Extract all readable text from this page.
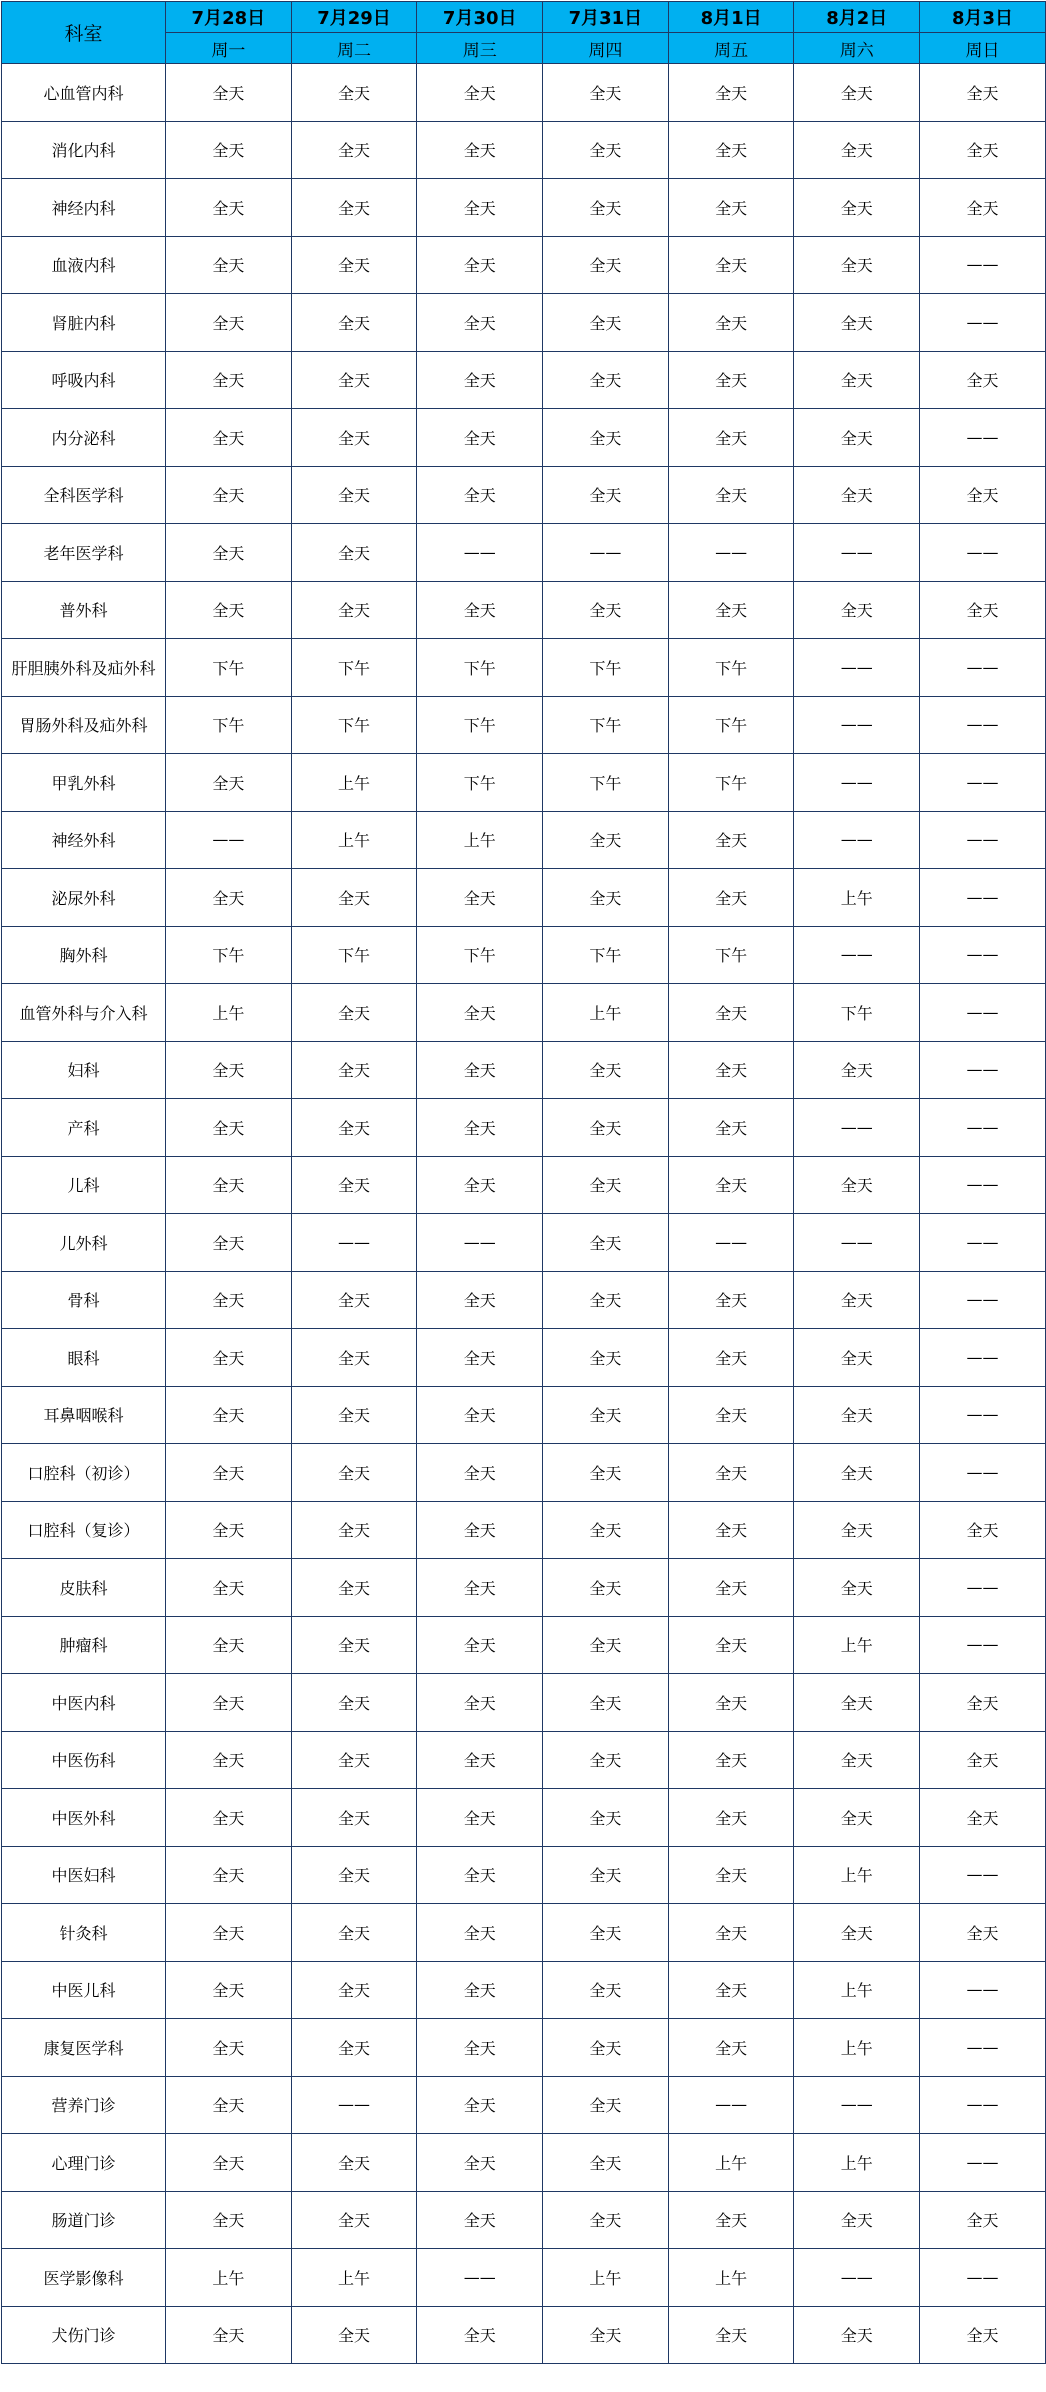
科室	7月28日	7月29日	7月30日	7月31日	8月1日	8月2日	8月3日
	周一	周二	周三	周四	周五	周六	周日
心血管内科	全天	全天	全天	全天	全天	全天	全天
消化内科	全天	全天	全天	全天	全天	全天	全天
神经内科	全天	全天	全天	全天	全天	全天	全天
血液内科	全天	全天	全天	全天	全天	全天	——
肾脏内科	全天	全天	全天	全天	全天	全天	——
呼吸内科	全天	全天	全天	全天	全天	全天	全天
内分泌科	全天	全天	全天	全天	全天	全天	——
全科医学科	全天	全天	全天	全天	全天	全天	全天
老年医学科	全天	全天	——	——	——	——	——
普外科	全天	全天	全天	全天	全天	全天	全天
肝胆胰外科及疝外科	下午	下午	下午	下午	下午	——	——
胃肠外科及疝外科	下午	下午	下午	下午	下午	——	——
甲乳外科	全天	上午	下午	下午	下午	——	——
神经外科	——	上午	上午	全天	全天	——	——
泌尿外科	全天	全天	全天	全天	全天	上午	——
胸外科	下午	下午	下午	下午	下午	——	——
血管外科与介入科	上午	全天	全天	上午	全天	下午	——
妇科	全天	全天	全天	全天	全天	全天	——
产科	全天	全天	全天	全天	全天	——	——
儿科	全天	全天	全天	全天	全天	全天	——
儿外科	全天	——	——	全天	——	——	——
骨科	全天	全天	全天	全天	全天	全天	——
眼科	全天	全天	全天	全天	全天	全天	——
耳鼻咽喉科	全天	全天	全天	全天	全天	全天	——
口腔科（初诊）	全天	全天	全天	全天	全天	全天	——
口腔科（复诊）	全天	全天	全天	全天	全天	全天	全天
皮肤科	全天	全天	全天	全天	全天	全天	——
肿瘤科	全天	全天	全天	全天	全天	上午	——
中医内科	全天	全天	全天	全天	全天	全天	全天
中医伤科	全天	全天	全天	全天	全天	全天	全天
中医外科	全天	全天	全天	全天	全天	全天	全天
中医妇科	全天	全天	全天	全天	全天	上午	——
针灸科	全天	全天	全天	全天	全天	全天	全天
中医儿科	全天	全天	全天	全天	全天	上午	——
康复医学科	全天	全天	全天	全天	全天	上午	——
营养门诊	全天	——	全天	全天	——	——	——
心理门诊	全天	全天	全天	全天	上午	上午	——
肠道门诊	全天	全天	全天	全天	全天	全天	全天
医学影像科	上午	上午	——	上午	上午	——	——
犬伤门诊	全天	全天	全天	全天	全天	全天	全天
